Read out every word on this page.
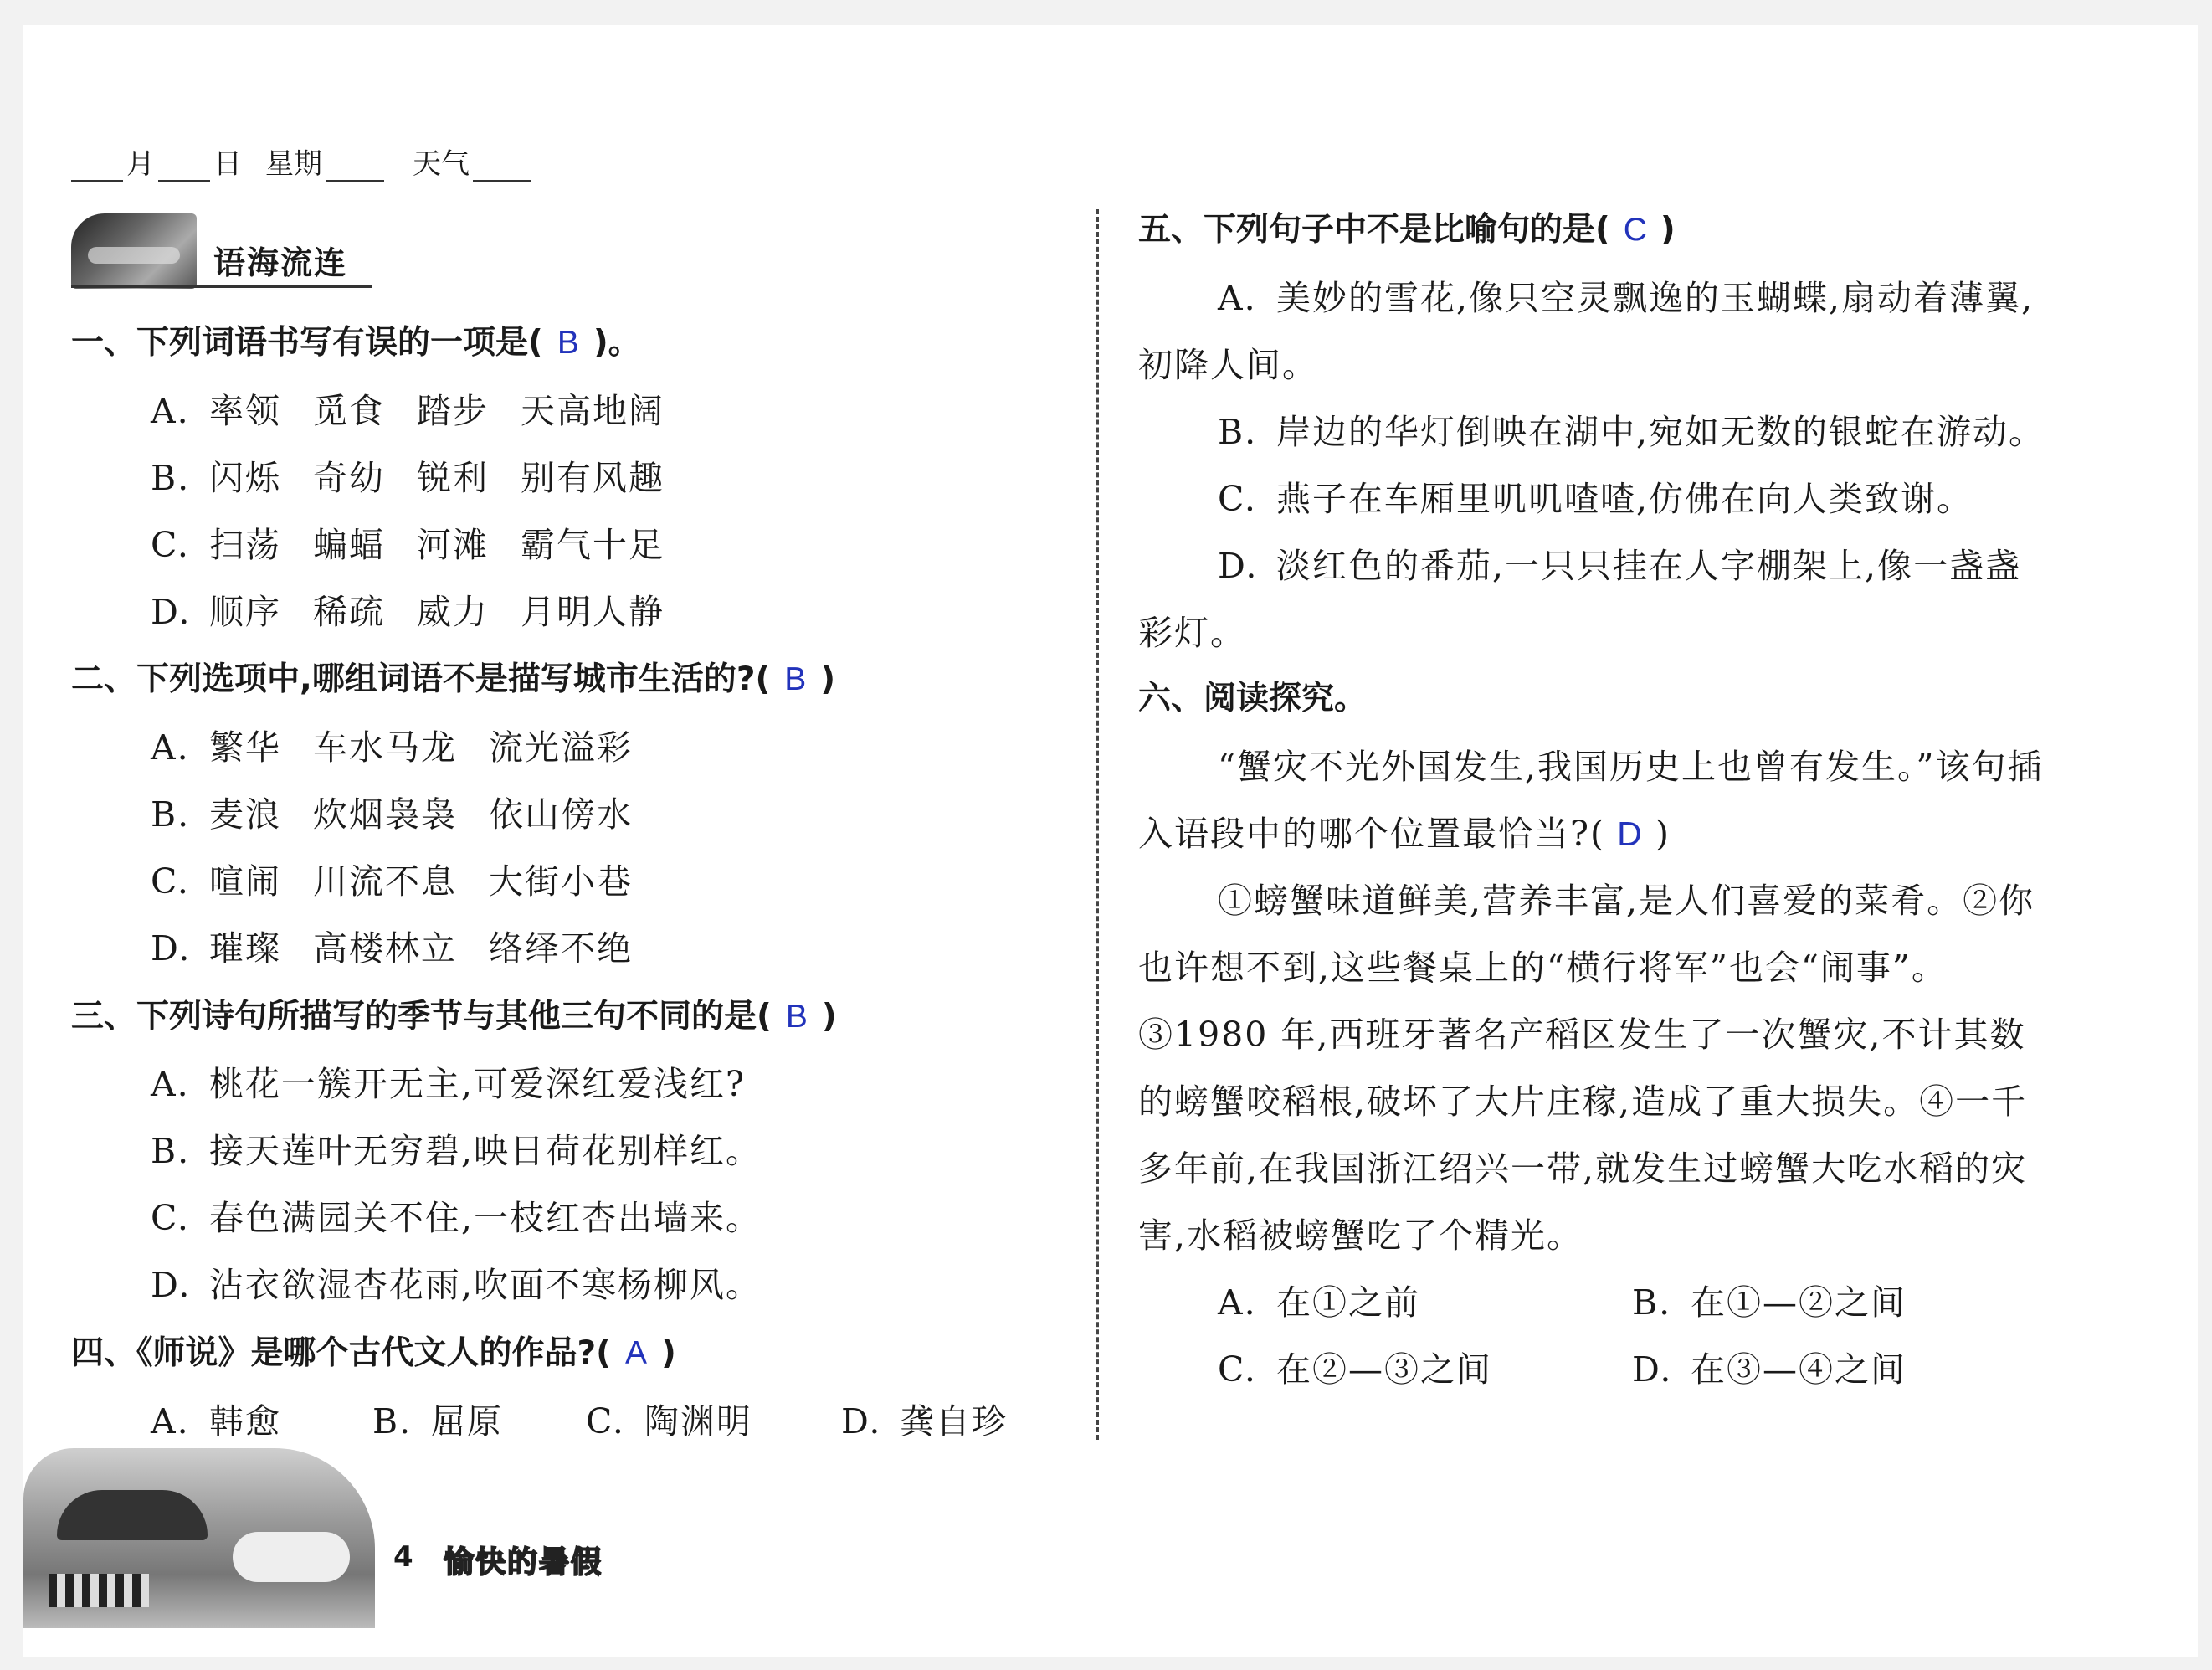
月 日 星期	天气
语海流连
一、下列词语书写有误的一项是( B )。
A. 率领 觅食 踏步 天高地阔
B. 闪烁 奇幼 锐利 别有风趣
C. 扫荡 蝙蝠 河滩 霸气十足
D. 顺序 稀疏 威力 月明人静
二、下列选项中,哪组词语不是描写城市生活的?( B )
A. 繁华 车水马龙 流光溢彩
B. 麦浪 炊烟袅袅 依山傍水
C. 喧闹 川流不息 大街小巷
D. 璀璨 高楼林立 络绎不绝
三、下列诗句所描写的季节与其他三句不同的是( B )
A. 桃花一簇开无主,可爱深红爱浅红?
B. 接天莲叶无穷碧,映日荷花别样红。
C. 春色满园关不住,一枝红杏出墙来。
D. 沾衣欲湿杏花雨,吹面不寒杨柳风。
四、《师说》是哪个古代文人的作品?( A )
A. 韩愈	B. 屈原 C. 陶渊明	D. 龚自珍
五、下列句子中不是比喻句的是( C )
A. 美妙的雪花,像只空灵飘逸的玉蝴蝶,扇动着薄翼,
初降人间。
B. 岸边的华灯倒映在湖中,宛如无数的银蛇在游动。
C. 燕子在车厢里叽叽喳喳,仿佛在向人类致谢。
D. 淡红色的番茄,一只只挂在人字棚架上,像一盏盏
彩灯。
六、阅读探究。
“蟹灾不光外国发生,我国历史上也曾有发生。”该句插
入语段中的哪个位置最恰当?( D )
①螃蟹味道鲜美,营养丰富,是人们喜爱的菜肴。②你
也许想不到,这些餐桌上的“横行将军”也会“闹事”。
③1980 年,西班牙著名产稻区发生了一次蟹灾,不计其数
的螃蟹咬稻根,破坏了大片庄稼,造成了重大损失。④一千
多年前,在我国浙江绍兴一带,就发生过螃蟹大吃水稻的灾
害,水稻被螃蟹吃了个精光。
A. 在①之前	B. 在①—②之间
C. 在②—③之间	D. 在③—④之间
4 愉快的暑假
